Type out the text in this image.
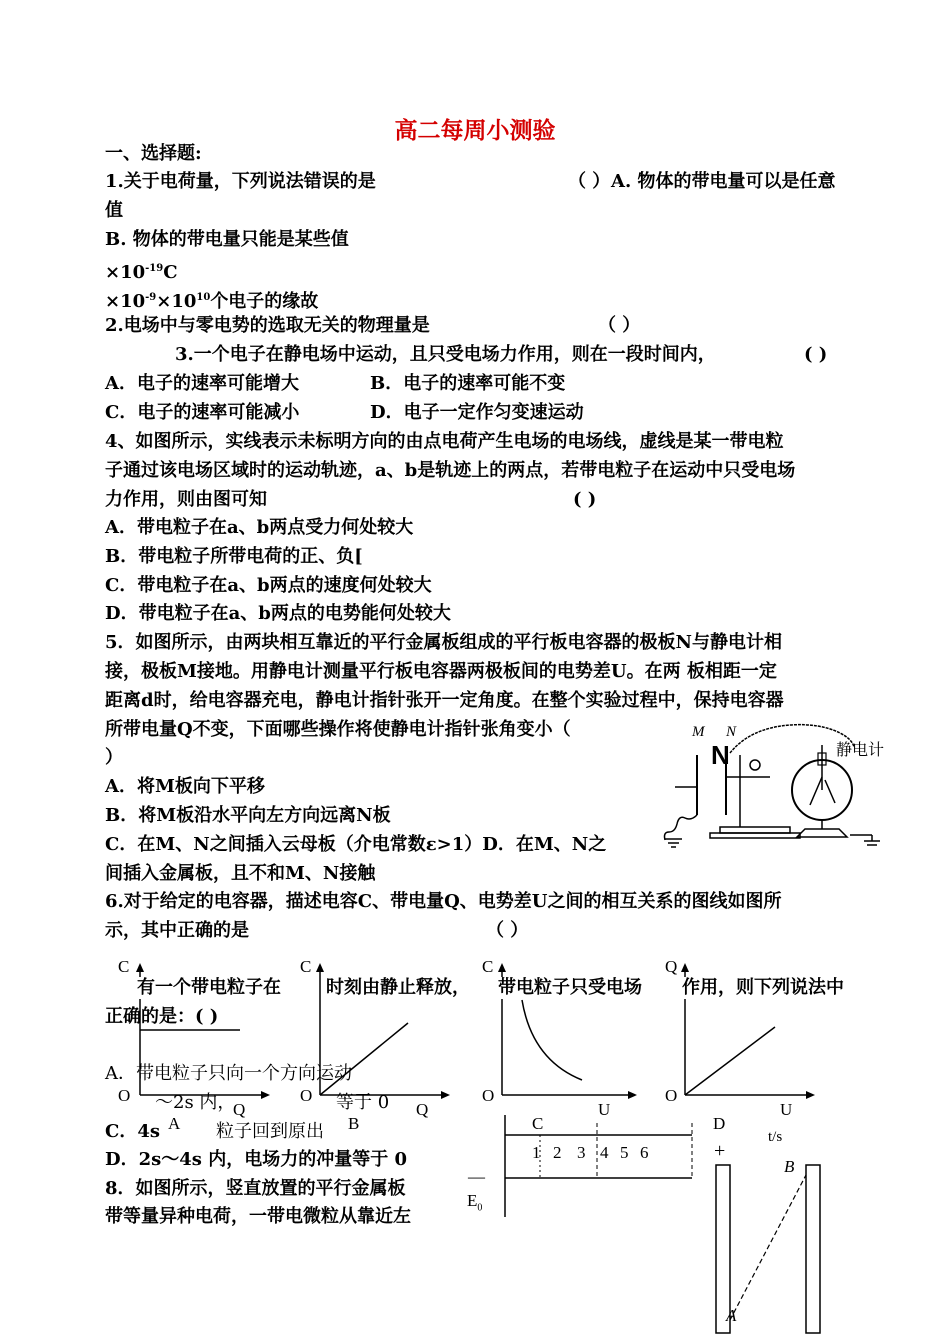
高二每周小测验
一、选择题:
1.关于电荷量，下列说法错误的是	（ ） A. 物体的带电量可以是任意
值
B. 物体的带电量只能是某些值
$\times 10^{-19}C$
$\times 10^{-9}\times 10^{10}$个电子的缘故
2.电场中与零电势的选取无关的物理量是	（ ）
3.一个电子在静电场中运动，且只受电场力作用，则在一段时间内，	( )
A．电子的速率可能增大	B．电子的速率可能不变
C．电子的速率可能减小	D．电子一定作匀变速运动
4、如图所示，实线表示未标明方向的由点电荷产生电场的电场线，虚线是某一带电粒
子通过该电场区域时的运动轨迹，a、b是轨迹上的两点，若带电粒子在运动中只受电场
力作用，则由图可知	( )
A．带电粒子在a、b两点受力何处较大
B．带电粒子所带电荷的正、负[
C．带电粒子在a、b两点的速度何处较大
D．带电粒子在a、b两点的电势能何处较大
5．如图所示，由两块相互靠近的平行金属板组成的平行板电容器的极板N与静电计相
接，极板M接地。用静电计测量平行板电容器两极板间的电势差U。在两 板相距一定
距离d时，给电容器充电，静电计指针张开一定角度。在整个实验过程中，保持电容器
所带电量Q不变，下面哪些操作将使静电计指针张角变小（
）
A．将M板向下平移
B．将M板沿水平向左方向远离N板
C．在M、N之间插入云母板（介电常数ε>1）D．在M、N之
间插入金属板，且不和M、N接触
M N
N	静电计
6.对于给定的电容器，描述电容C、带电量Q、电势差U之间的相互关系的图线如图所
示，其中正确的是	（ ）
C
O
Q
A
C
O
Q
B
C
O
U
C
Q
O
U
D
有一个带电粒子在	时刻由静止释放， 带电粒子只受电场 作用，则下列说法中
正确的是：( )
A．带电粒子只向一个方向运动
～2s 内，	等于 0
C．4s	粒子回到原出
D．2s～4s 内，电场力的冲量等于 0	1 2 3 4 5 6
t/s
—
$E_0$
8．如图所示，竖直放置的平行金属板
带等量异种电荷，一带电微粒从靠近左
+
B
A
